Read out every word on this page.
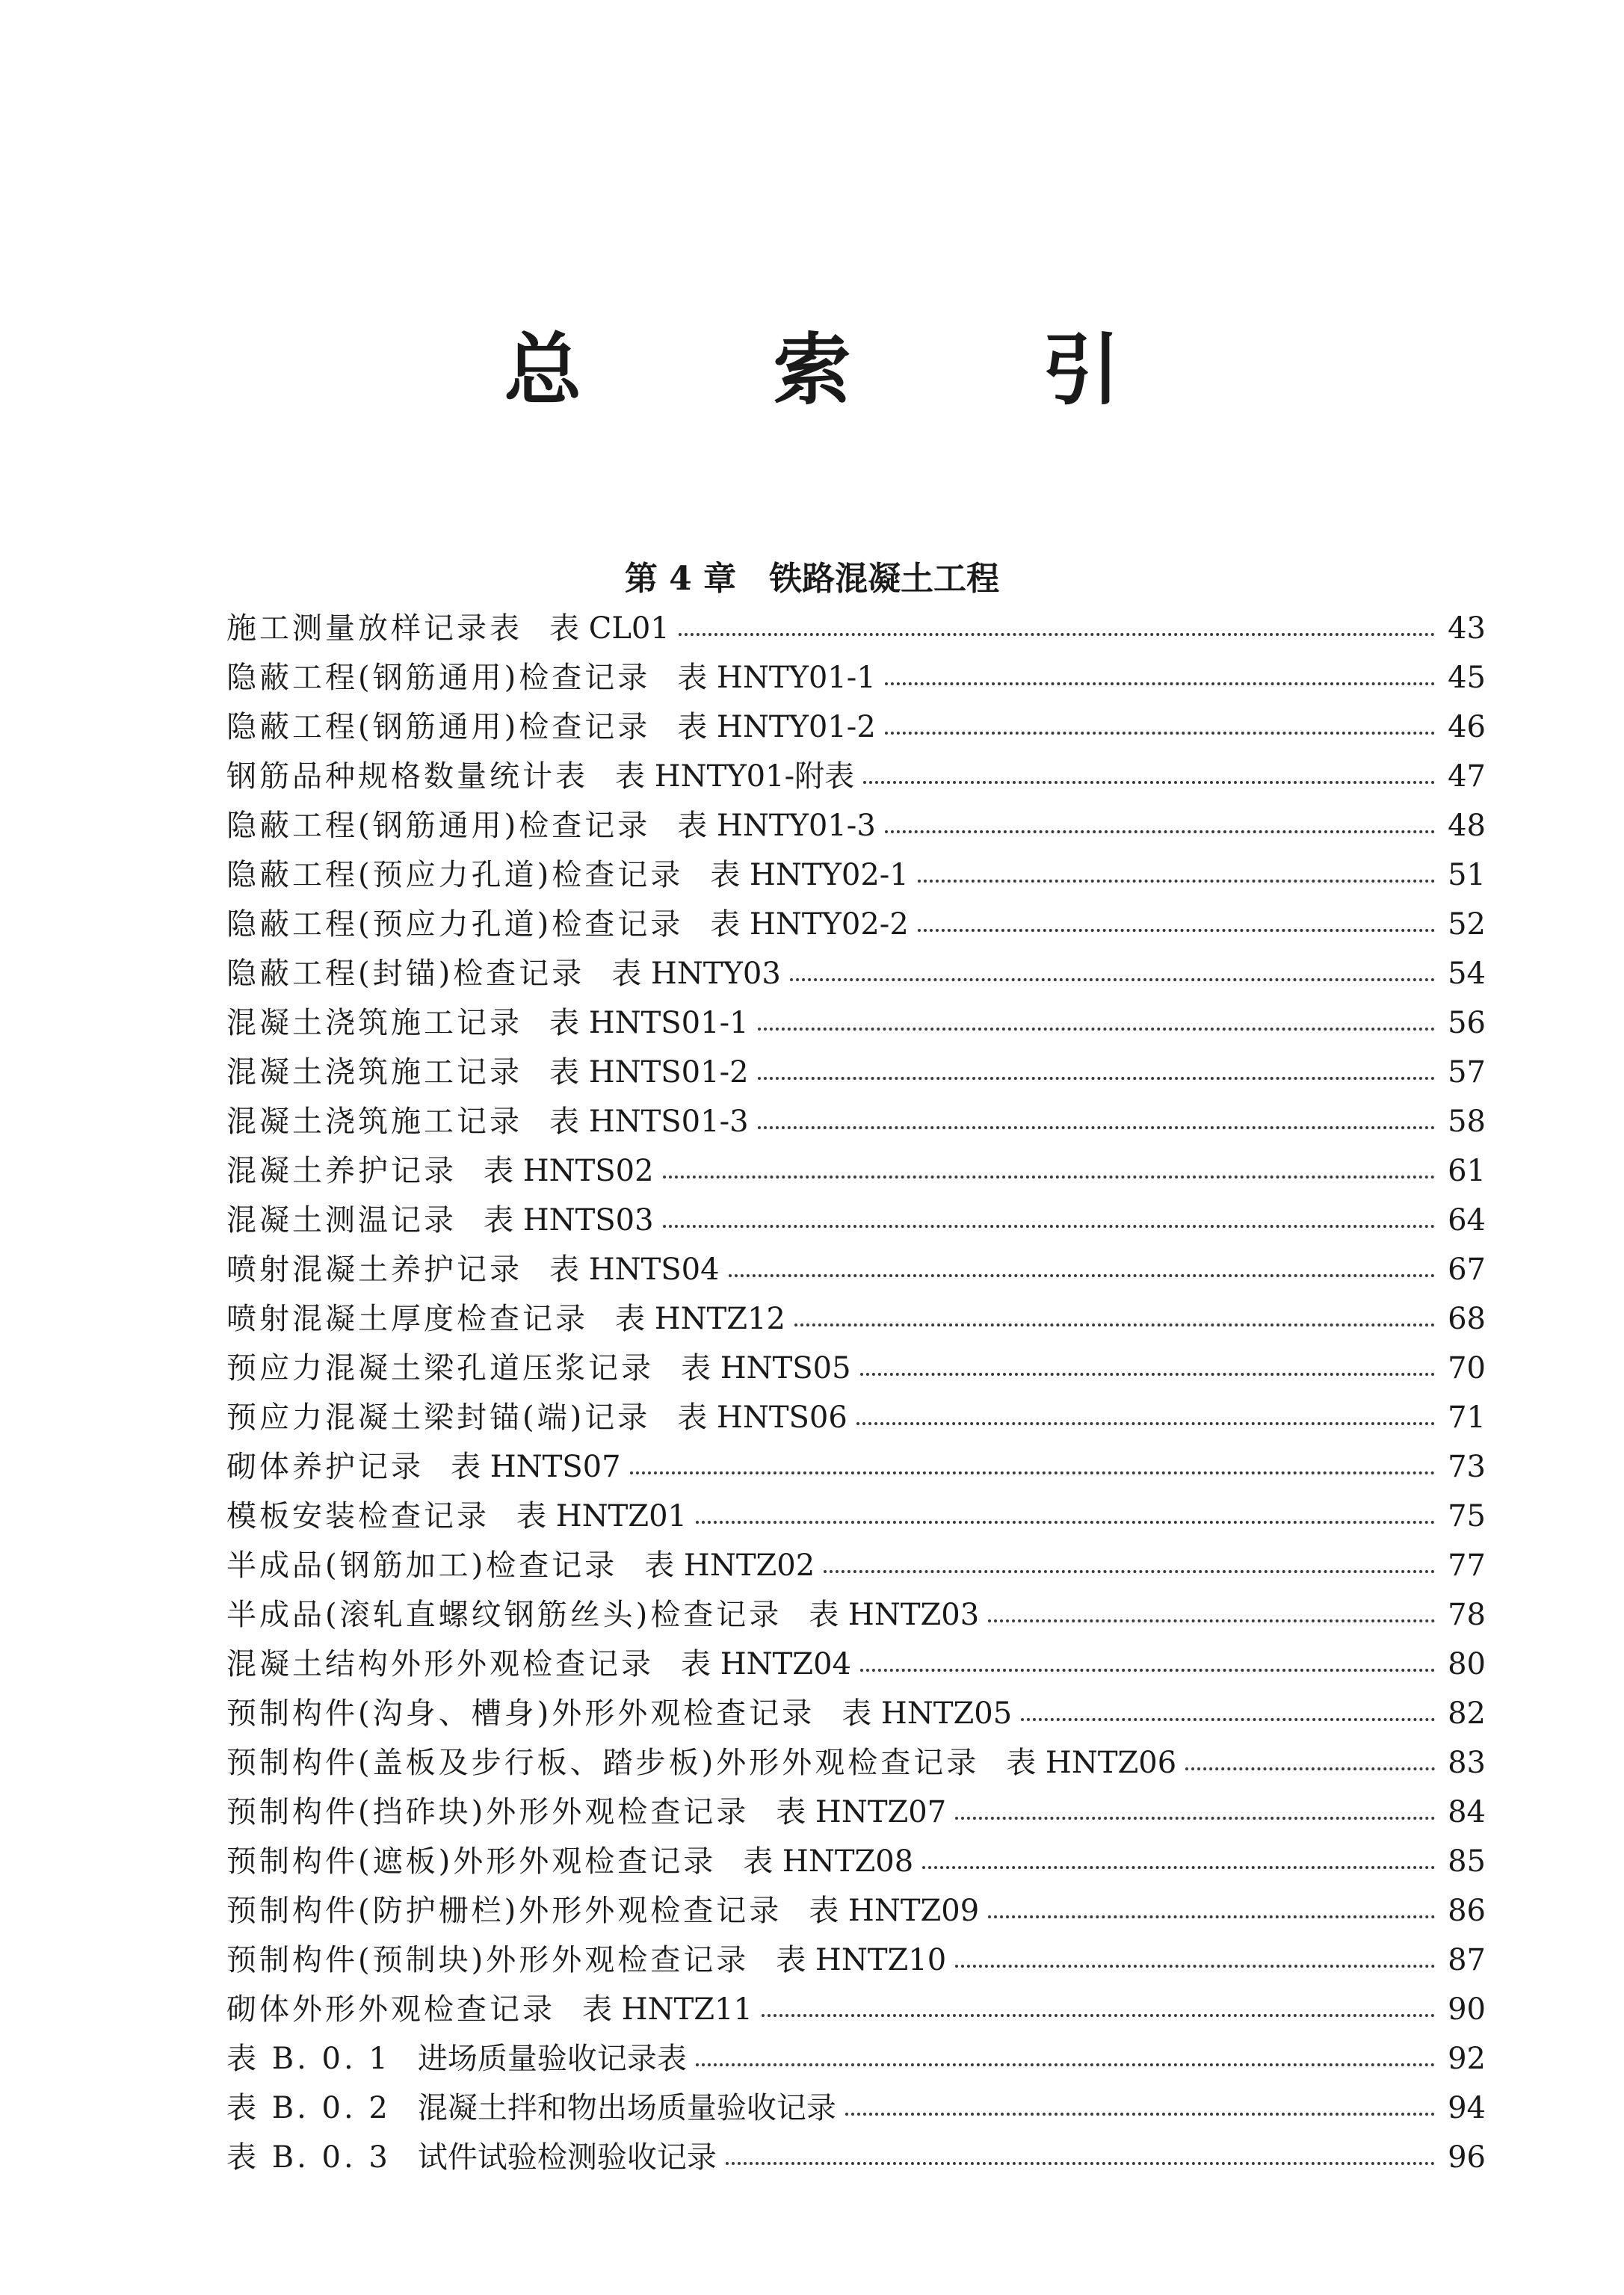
总 索 引
第 4 章　铁路混凝土工程
施工测量放样记录表 表 CL01	43
隐蔽工程(钢筋通用)检查记录 表 HNTY01-1	45
隐蔽工程(钢筋通用)检查记录 表 HNTY01-2	46
钢筋品种规格数量统计表 表 HNTY01-附表	47
隐蔽工程(钢筋通用)检查记录 表 HNTY01-3	48
隐蔽工程(预应力孔道)检查记录 表 HNTY02-1	51
隐蔽工程(预应力孔道)检查记录 表 HNTY02-2	52
隐蔽工程(封锚)检查记录 表 HNTY03	54
混凝土浇筑施工记录 表 HNTS01-1	56
混凝土浇筑施工记录 表 HNTS01-2	57
混凝土浇筑施工记录 表 HNTS01-3	58
混凝土养护记录 表 HNTS02	61
混凝土测温记录 表 HNTS03	64
喷射混凝土养护记录 表 HNTS04	67
喷射混凝土厚度检查记录 表 HNTZ12	68
预应力混凝土梁孔道压浆记录 表 HNTS05	70
预应力混凝土梁封锚(端)记录 表 HNTS06	71
砌体养护记录 表 HNTS07	73
模板安装检查记录 表 HNTZ01	75
半成品(钢筋加工)检查记录 表 HNTZ02	77
半成品(滚轧直螺纹钢筋丝头)检查记录 表 HNTZ03	78
混凝土结构外形外观检查记录 表 HNTZ04	80
预制构件(沟身、槽身)外形外观检查记录 表 HNTZ05	82
预制构件(盖板及步行板、踏步板)外形外观检查记录 表 HNTZ06	83
预制构件(挡砟块)外形外观检查记录 表 HNTZ07	84
预制构件(遮板)外形外观检查记录 表 HNTZ08	85
预制构件(防护栅栏)外形外观检查记录 表 HNTZ09	86
预制构件(预制块)外形外观检查记录 表 HNTZ10	87
砌体外形外观检查记录 表 HNTZ11	90
表 B. 0. 1 进场质量验收记录表	92
表 B. 0. 2 混凝土拌和物出场质量验收记录	94
表 B. 0. 3 试件试验检测验收记录	96
